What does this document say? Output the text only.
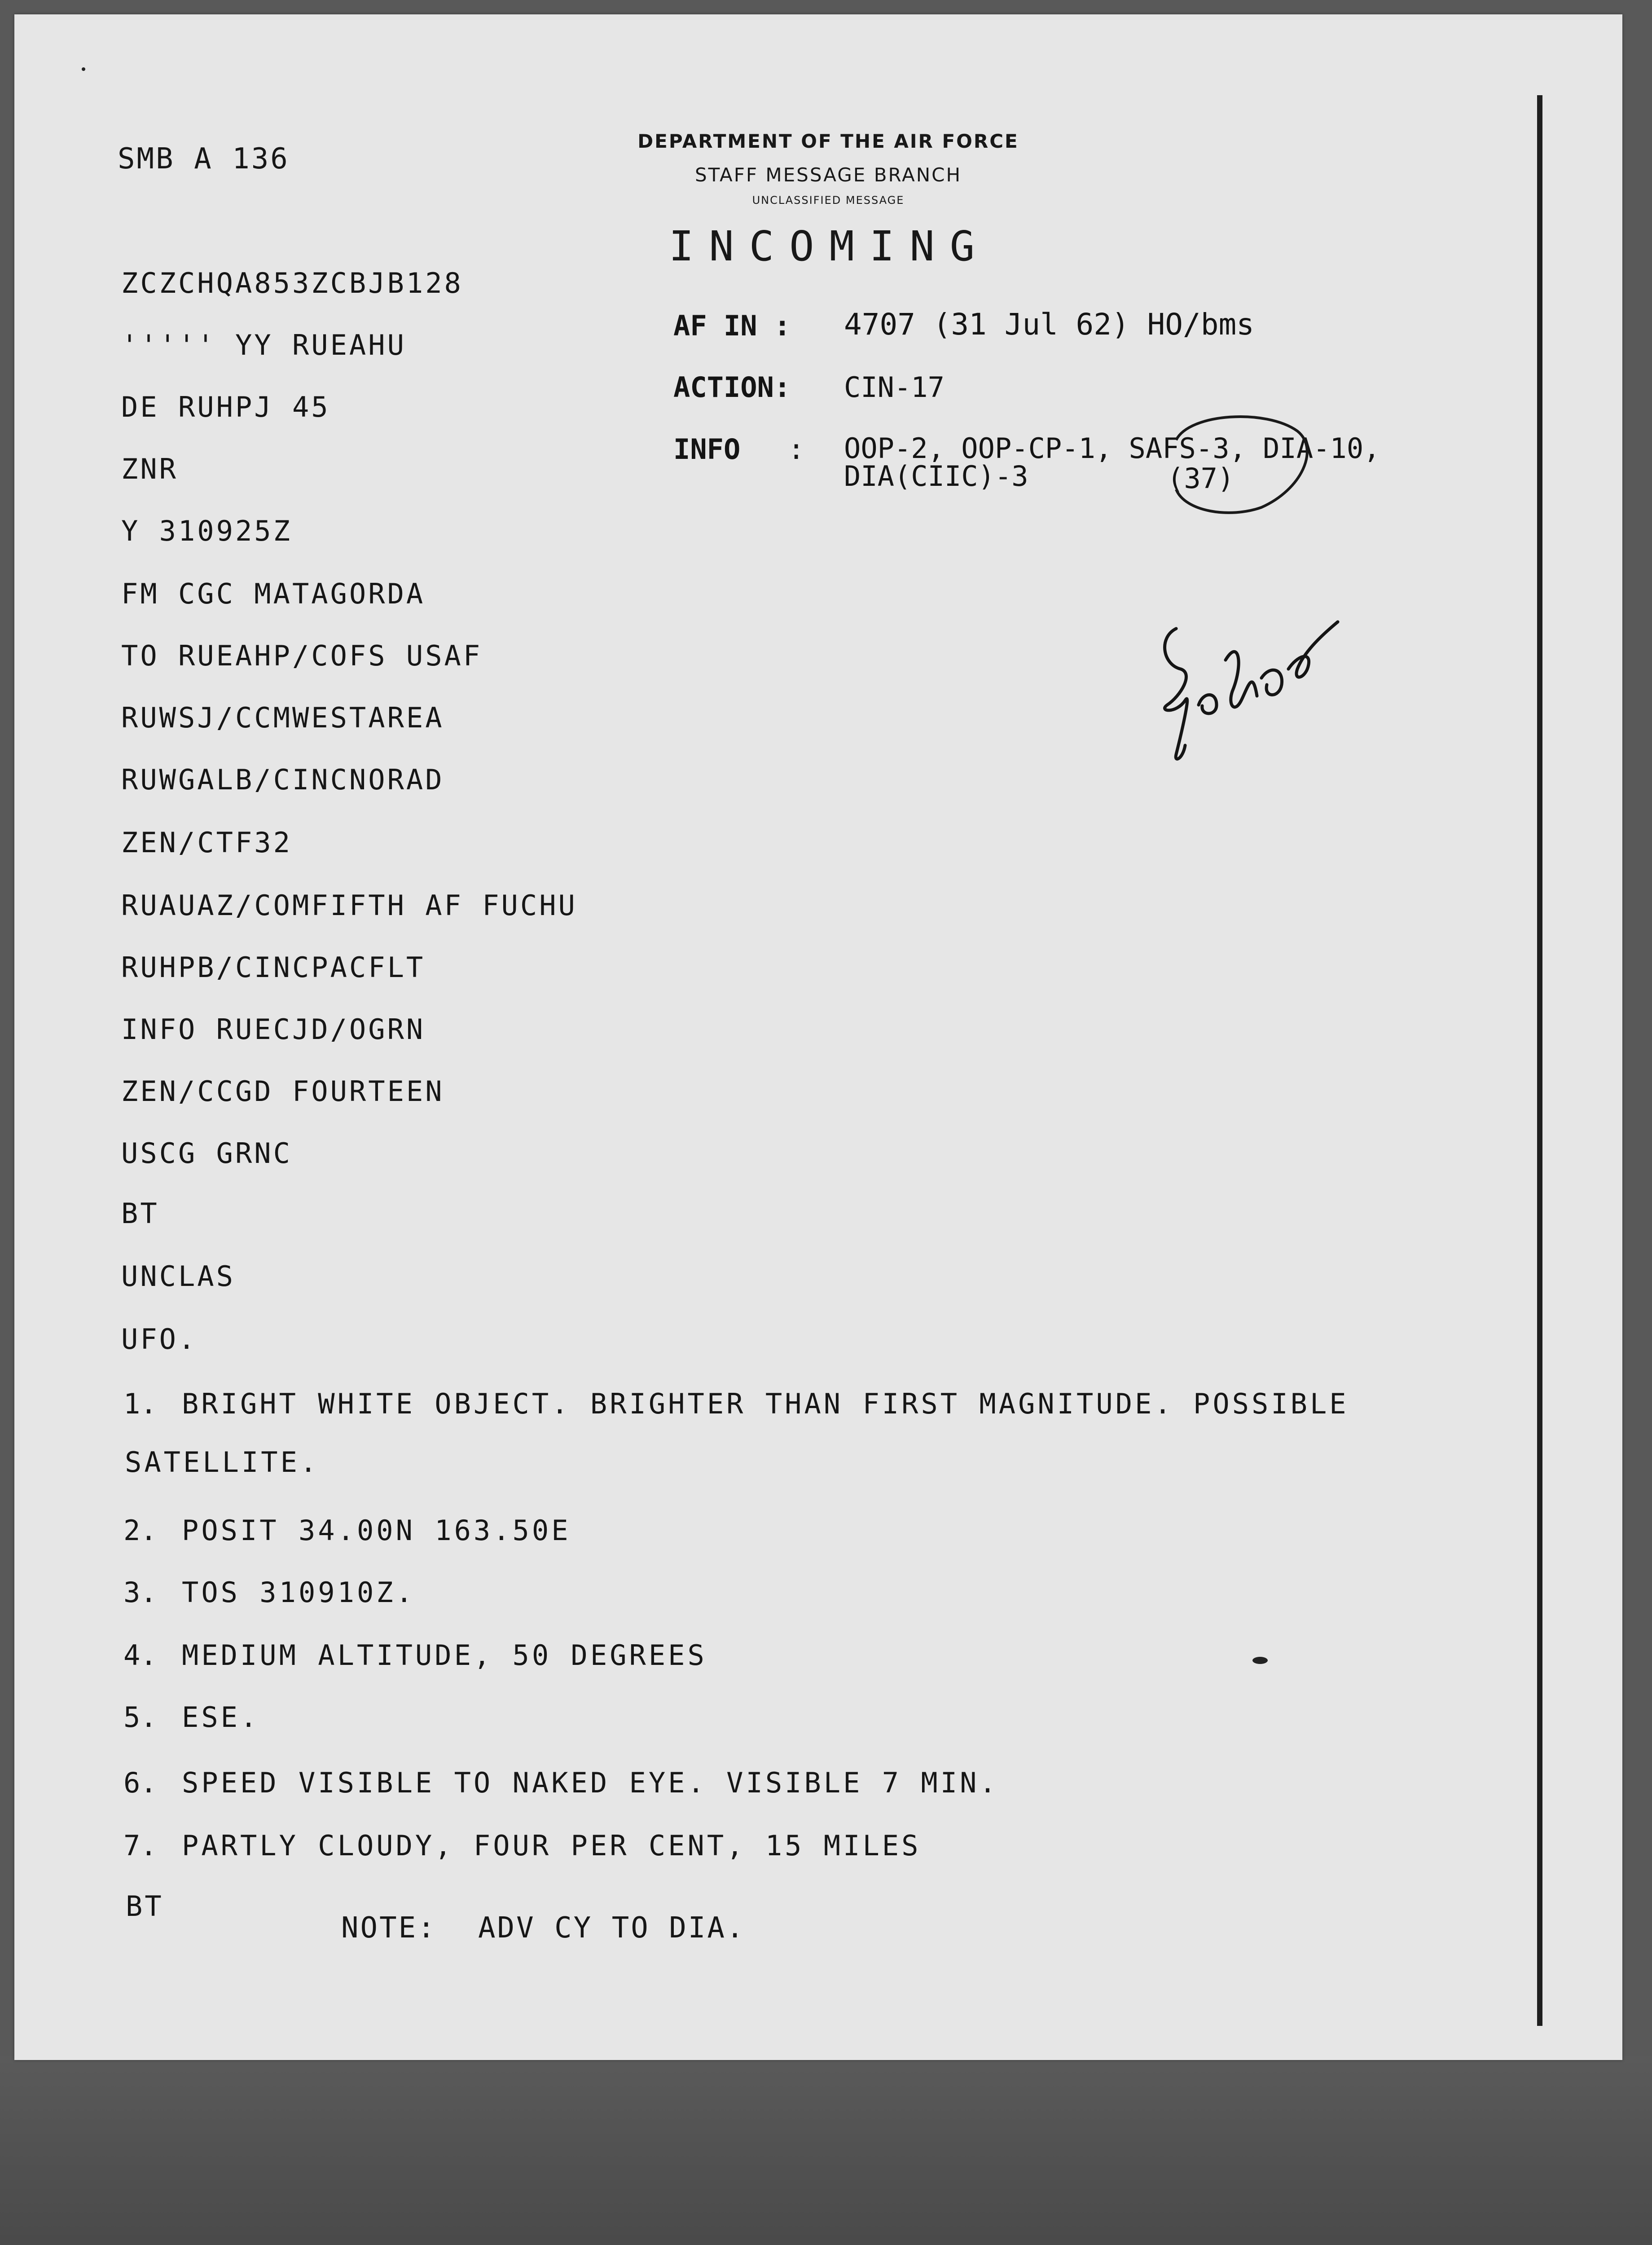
SMB A 136
DEPARTMENT OF THE AIR FORCE
STAFF MESSAGE BRANCH
UNCLASSIFIED MESSAGE
INCOMING
AF IN : 4707 (31 Jul 62) HO/bms
ACTION: CIN-17
INFO : OOP-2, OOP-CP-1, SAFS-3, DIA-10,
DIA(CIIC)-3	(37)
ZCZCHQA853ZCBJB128
''''' YY RUEAHU
DE RUHPJ 45
ZNR
Y 310925Z
FM CGC MATAGORDA
TO RUEAHP/COFS USAF
RUWSJ/CCMWESTAREA
RUWGALB/CINCNORAD
ZEN/CTF32
RUAUAZ/COMFIFTH AF FUCHU
RUHPB/CINCPACFLT
INFO RUECJD/OGRN
ZEN/CCGD FOURTEEN
USCG GRNC
BT
UNCLAS
UFO.
1. BRIGHT WHITE OBJECT. BRIGHTER THAN FIRST MAGNITUDE. POSSIBLE
SATELLITE.
2. POSIT 34.00N 163.50E
3. TOS 310910Z.
4. MEDIUM ALTITUDE, 50 DEGREES
5. ESE.
6. SPEED VISIBLE TO NAKED EYE. VISIBLE 7 MIN.
7. PARTLY CLOUDY, FOUR PER CENT, 15 MILES
BT
NOTE: ADV CY TO DIA.
